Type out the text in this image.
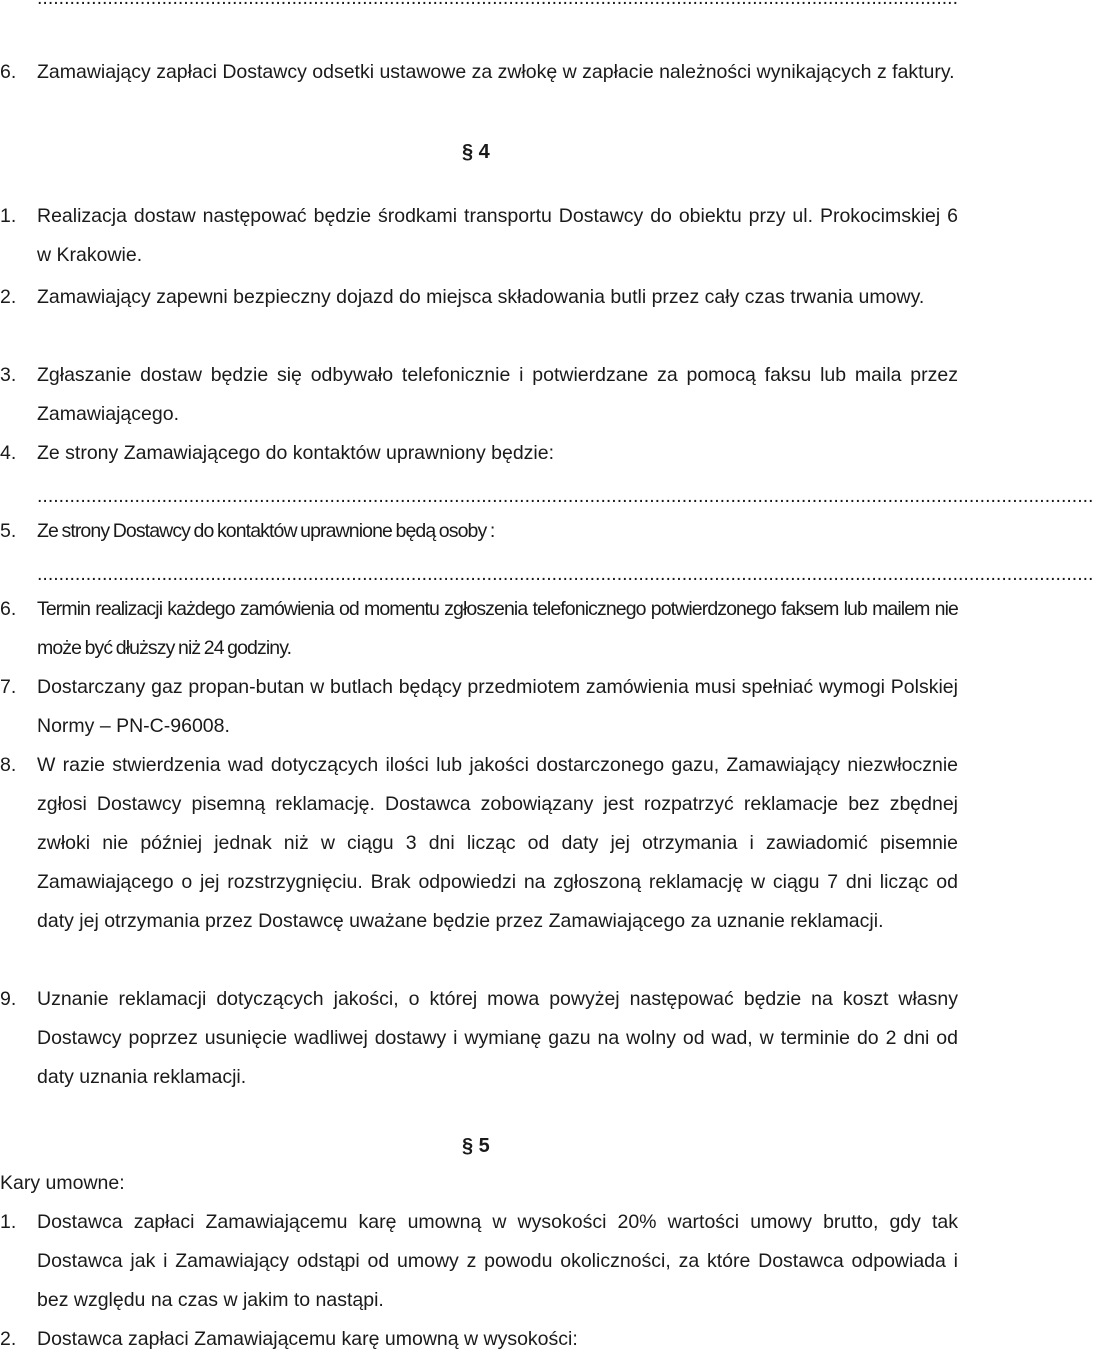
6. Zamawiający zapłaci Dostawcy odsetki ustawowe za zwłokę w zapłacie należności wynikających z faktury.
§ 4
1. Realizacja dostaw następować będzie środkami transportu Dostawcy do obiektu przy ul. Prokocimskiej 6 w Krakowie.
2. Zamawiający zapewni bezpieczny dojazd do miejsca składowania butli przez cały czas trwania umowy.
3. Zgłaszanie dostaw będzie się odbywało telefonicznie i potwierdzane za pomocą faksu lub maila przez Zamawiającego.
4. Ze strony Zamawiającego do kontaktów uprawniony będzie:
...................................................................................................................................................................................................
5. Ze strony Dostawcy do kontaktów uprawnione będą osoby :
...................................................................................................................................................................................................
6. Termin realizacji każdego zamówienia od momentu zgłoszenia telefonicznego potwierdzonego faksem lub mailem nie może być dłuższy niż 24 godziny.
7. Dostarczany gaz propan-butan w butlach będący przedmiotem zamówienia musi spełniać wymogi Polskiej Normy – PN-C-96008.
8. W razie stwierdzenia wad dotyczących ilości lub jakości dostarczonego gazu, Zamawiający niezwłocznie zgłosi Dostawcy pisemną reklamację. Dostawca zobowiązany jest rozpatrzyć reklamacje bez zbędnej zwłoki nie później jednak niż w ciągu 3 dni licząc od daty jej otrzymania i zawiadomić pisemnie Zamawiającego o jej rozstrzygnięciu. Brak odpowiedzi na zgłoszoną reklamację w ciągu 7 dni licząc od daty jej otrzymania przez Dostawcę uważane będzie przez Zamawiającego za uznanie reklamacji.
9. Uznanie reklamacji dotyczących jakości, o której mowa powyżej następować będzie na koszt własny Dostawcy poprzez usunięcie wadliwej dostawy i wymianę gazu na wolny od wad, w terminie do 2 dni od daty uznania reklamacji.
§ 5
Kary umowne:
1. Dostawca zapłaci Zamawiającemu karę umowną w wysokości 20% wartości umowy brutto, gdy tak Dostawca jak i Zamawiający odstąpi od umowy z powodu okoliczności, za które Dostawca odpowiada i bez względu na czas w jakim to nastąpi.
2. Dostawca zapłaci Zamawiającemu karę umowną w wysokości:
